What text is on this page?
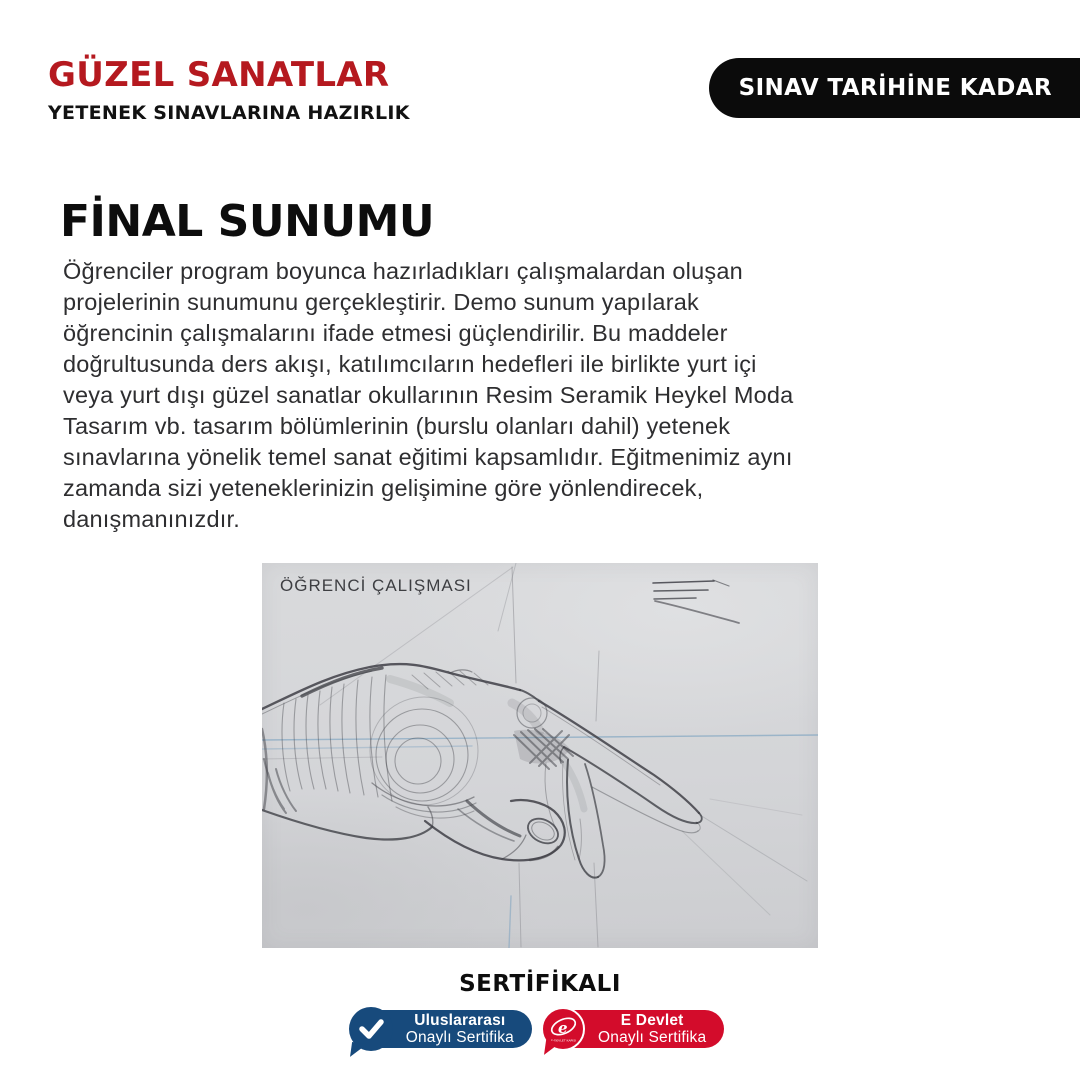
GÜZEL SANATLAR
YETENEK SINAVLARINA HAZIRLIK
SINAV TARİHİNE KADAR
FİNAL SUNUMU

Öğrenciler program boyunca hazırladıkları çalışmalardan oluşan
projelerinin sunumunu gerçekleştirir. Demo sunum yapılarak
öğrencinin çalışmalarını ifade etmesi güçlendirilir. Bu maddeler
doğrultusunda ders akışı, katılımcıların hedefleri ile birlikte yurt içi
veya yurt dışı güzel sanatlar okullarının Resim Seramik Heykel Moda
Tasarım vb. tasarım bölümlerinin (burslu olanları dahil) yetenek
sınavlarına yönelik temel sanat eğitimi kapsamlıdır. Eğitmenimiz aynı
zamanda sizi yeteneklerinizin gelişimine göre yönlendirecek,
danışmanınızdır.

ÖĞRENCİ ÇALIŞMASI
SERTİFİKALI
Uluslararası
Onaylı Sertifika
e
E-DEVLET KAPISI
E Devlet
Onaylı Sertifika
